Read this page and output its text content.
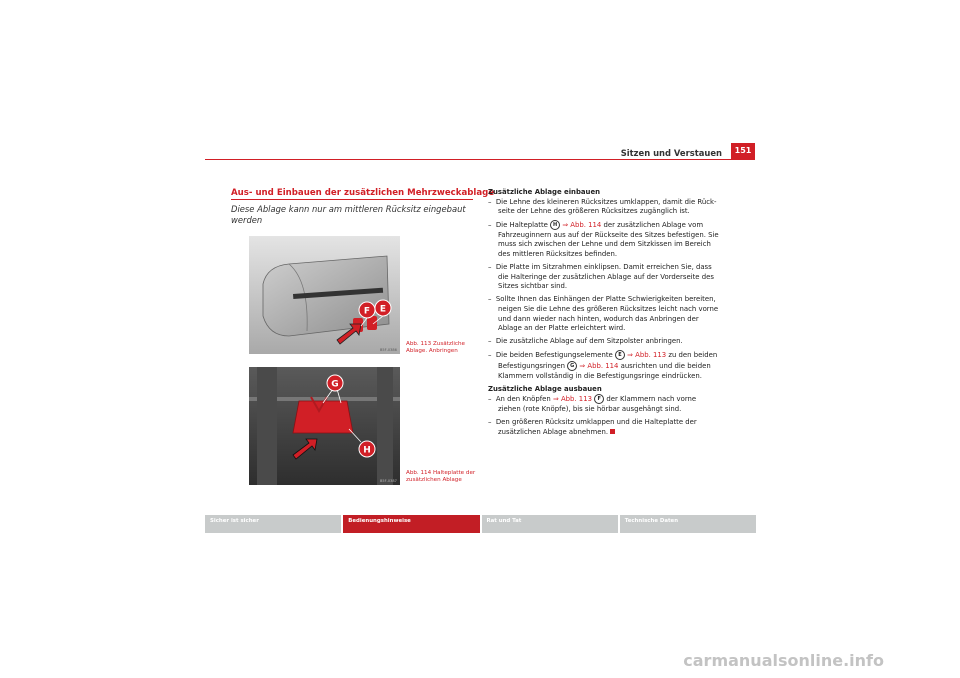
Sitzen und Verstauen	151
Aus- und Einbauen der zusätzlichen Mehrzweckablage
Diese Ablage kann nur am mittleren Rücksitz eingebaut werden
F E
B5F-0386
Abb. 113 Zusätzliche Ablage. Anbringen
G
H
B5F-0387
Abb. 114 Halteplatte der zusätzlichen Ablage
Zusätzliche Ablage einbauen
– Die Lehne des kleineren Rücksitzes umklappen, damit die Rück-seite der Lehne des größeren Rücksitzes zugänglich ist.
– Die Halteplatte H ⇒ Abb. 114 der zusätzlichen Ablage vom Fahrzeuginnern aus auf der Rückseite des Sitzes befestigen. Sie muss sich zwischen der Lehne und dem Sitzkissen im Bereich des mittleren Rücksitzes befinden.
– Die Platte im Sitzrahmen einklipsen. Damit erreichen Sie, dass die Halteringe der zusätzlichen Ablage auf der Vorderseite des Sitzes sichtbar sind.
– Sollte Ihnen das Einhängen der Platte Schwierigkeiten bereiten, neigen Sie die Lehne des größeren Rücksitzes leicht nach vorne und dann wieder nach hinten, wodurch das Anbringen der Ablage an der Platte erleichtert wird.
– Die zusätzliche Ablage auf dem Sitzpolster anbringen.
– Die beiden Befestigungselemente E ⇒ Abb. 113 zu den beiden Befestigungsringen G ⇒ Abb. 114 ausrichten und die beiden Klammern vollständig in die Befestigungsringe eindrücken.
Zusätzliche Ablage ausbauen
– An den Knöpfen ⇒ Abb. 113 F der Klammern nach vorne ziehen (rote Knöpfe), bis sie hörbar ausgehängt sind.
– Den größeren Rücksitz umklappen und die Halteplatte der zusätzlichen Ablage abnehmen.
Sicher ist sicher	Bedienungshinweise	Rat und Tat	Technische Daten
carmanualsonline.info
